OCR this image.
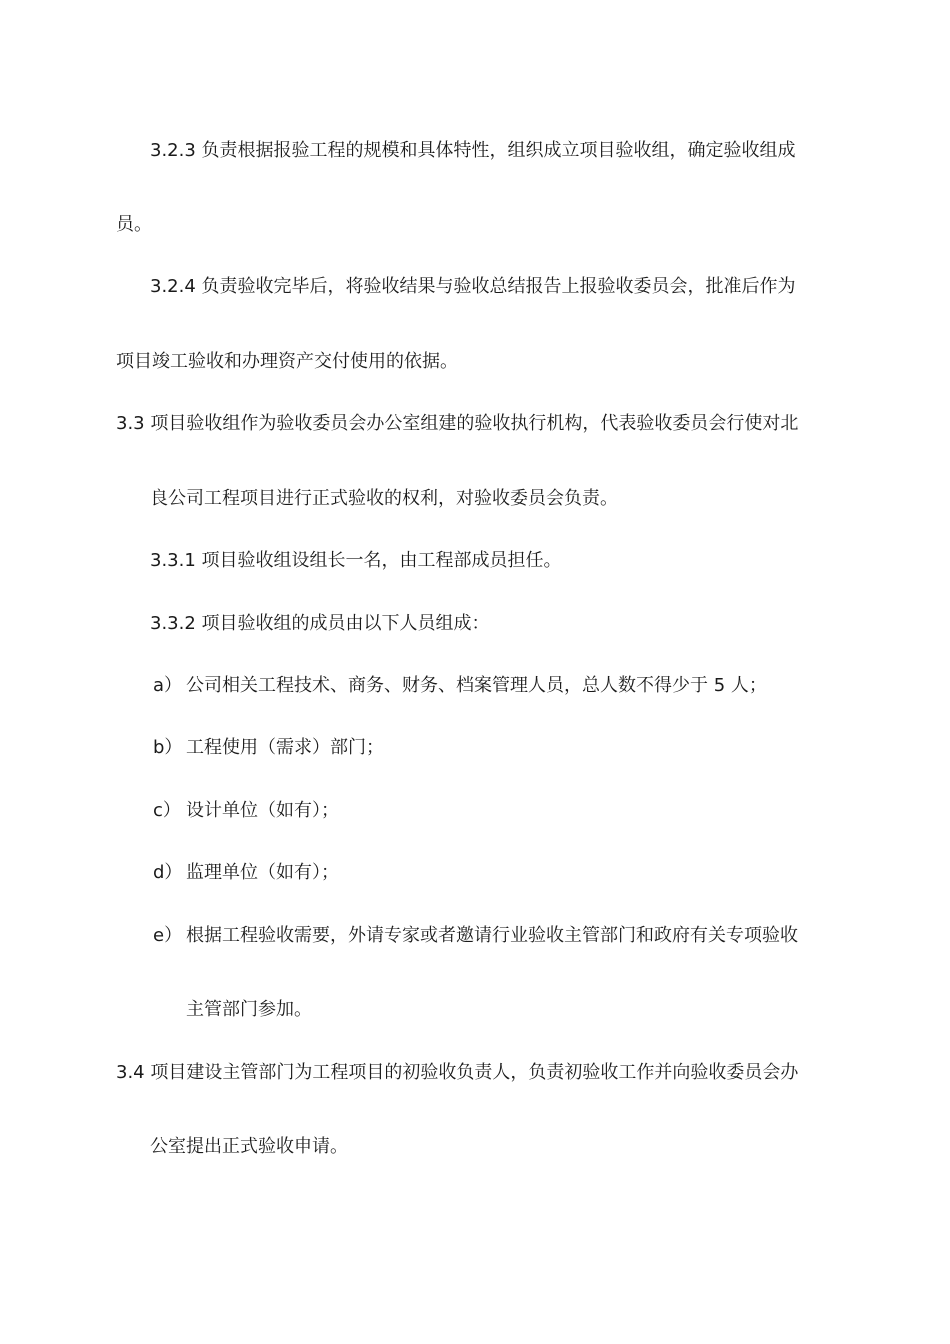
3.2.3 负责根据报验工程的规模和具体特性，组织成立项目验收组，确定验收组成
员。
3.2.4 负责验收完毕后，将验收结果与验收总结报告上报验收委员会，批准后作为
项目竣工验收和办理资产交付使用的依据。
3.3 项目验收组作为验收委员会办公室组建的验收执行机构，代表验收委员会行使对北
良公司工程项目进行正式验收的权利，对验收委员会负责。
3.3.1 项目验收组设组长一名，由工程部成员担任。
3.3.2 项目验收组的成员由以下人员组成：
a） 公司相关工程技术、商务、财务、档案管理人员，总人数不得少于 5 人；
b） 工程使用（需求）部门；
c） 设计单位（如有）；
d） 监理单位（如有）；
e） 根据工程验收需要，外请专家或者邀请行业验收主管部门和政府有关专项验收
主管部门参加。
3.4 项目建设主管部门为工程项目的初验收负责人，负责初验收工作并向验收委员会办
公室提出正式验收申请。
